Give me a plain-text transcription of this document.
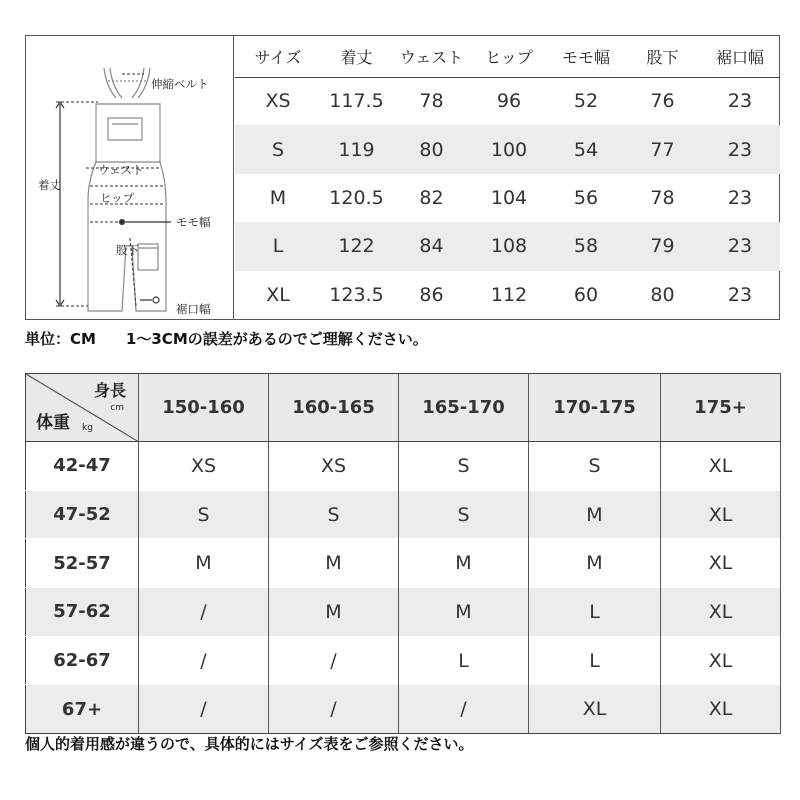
伸縮ベルト
着丈
ウェスト
ヒップ
モモ幅
股下
裾口幅
サイズ	着丈	ウェスト	ヒップ	モモ幅	股下	裾口幅
XS	117.5	78	96	52	76	23
S	119	80	100	54	77	23
M	120.5	82	104	56	78	23
L	122	84	108	58	79	23
XL	123.5	86	112	60	80	23
単位：CM　　1～3CMの誤差があるのでご理解ください。
身長
cm
体重 kg	150-160	160-165	165-170	170-175	175+
42-47	XS	XS	S	S	XL
47-52	S	S	S	M	XL
52-57	M	M	M	M	XL
57-62	/	M	M	L	XL
62-67	/	/	L	L	XL
67+	/	/	/	XL	XL
個人的着用感が違うので、具体的にはサイズ表をご参照ください。
